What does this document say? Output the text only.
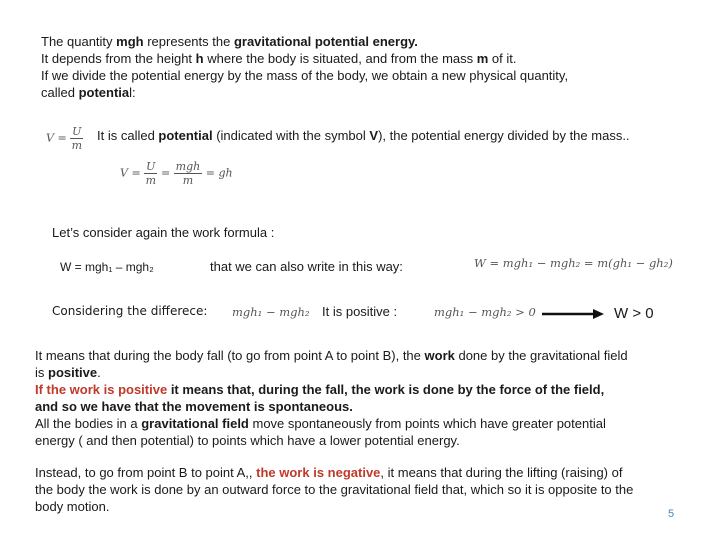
The quantity mgh represents the gravitational potential energy.
It depends from the height h where the body is situated, and from the mass m of it.
If we divide the potential energy by the mass of the body, we obtain a new physical quantity,
called potential:
$V = \frac{U}{m}$ It is called potential (indicated with the symbol V), the potential energy divided by the mass..
$V = \frac{U}{m} = \frac{\text{mgh}}{m}$ = gh
Let’s consider again the work formula :
W = mgh₁ – mgh₂	that we can also write in this way:	W = mgh₁ − mgh₂ = m(gh₁ − gh₂)
Considering the differece: mgh₁ − mgh₂ It is positive :	mgh₁ − mgh₂ > 0	W > 0
It means that during the body fall (to go from point A to point B), the work done by the gravitational field
is positive.
If the work is positive it means that, during the fall, the work is done by the force of the field,
and so we have that the movement is spontaneous.
All the bodies in a gravitational field move spontaneously from points which have greater potential
energy ( and then potential) to points which have a lower potential energy.
Instead, to go from point B to point A,, the work is negative, it means that during the lifting (raising) of
the body the work is done by an outward force to the gravitational field that, which so it is opposite to the
body motion.	5
